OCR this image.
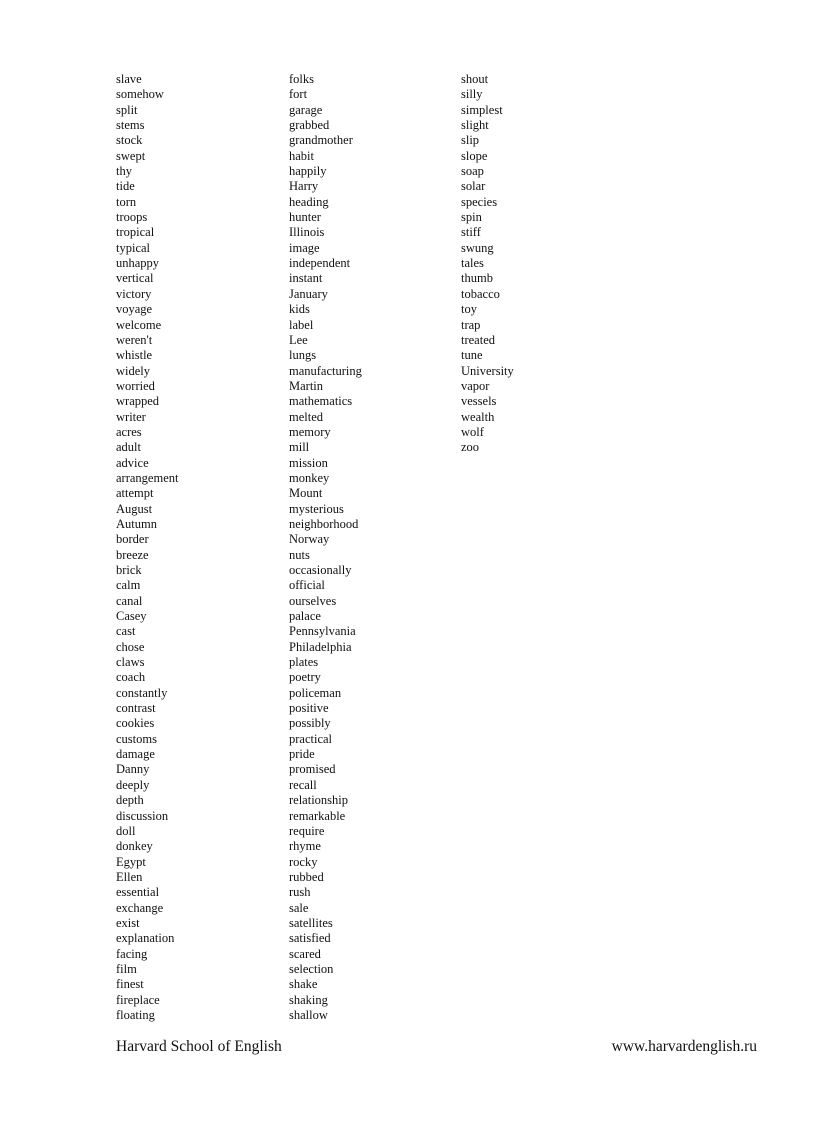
slave
somehow
split
stems
stock
swept
thy
tide
torn
troops
tropical
typical
unhappy
vertical
victory
voyage
welcome
weren't
whistle
widely
worried
wrapped
writer
acres
adult
advice
arrangement
attempt
August
Autumn
border
breeze
brick
calm
canal
Casey
cast
chose
claws
coach
constantly
contrast
cookies
customs
damage
Danny
deeply
depth
discussion
doll
donkey
Egypt
Ellen
essential
exchange
exist
explanation
facing
film
finest
fireplace
floating
folks
fort
garage
grabbed
grandmother
habit
happily
Harry
heading
hunter
Illinois
image
independent
instant
January
kids
label
Lee
lungs
manufacturing
Martin
mathematics
melted
memory
mill
mission
monkey
Mount
mysterious
neighborhood
Norway
nuts
occasionally
official
ourselves
palace
Pennsylvania
Philadelphia
plates
poetry
policeman
positive
possibly
practical
pride
promised
recall
relationship
remarkable
require
rhyme
rocky
rubbed
rush
sale
satellites
satisfied
scared
selection
shake
shaking
shallow
shout
silly
simplest
slight
slip
slope
soap
solar
species
spin
stiff
swung
tales
thumb
tobacco
toy
trap
treated
tune
University
vapor
vessels
wealth
wolf
zoo
Harvard School of English	www.harvardenglish.ru
